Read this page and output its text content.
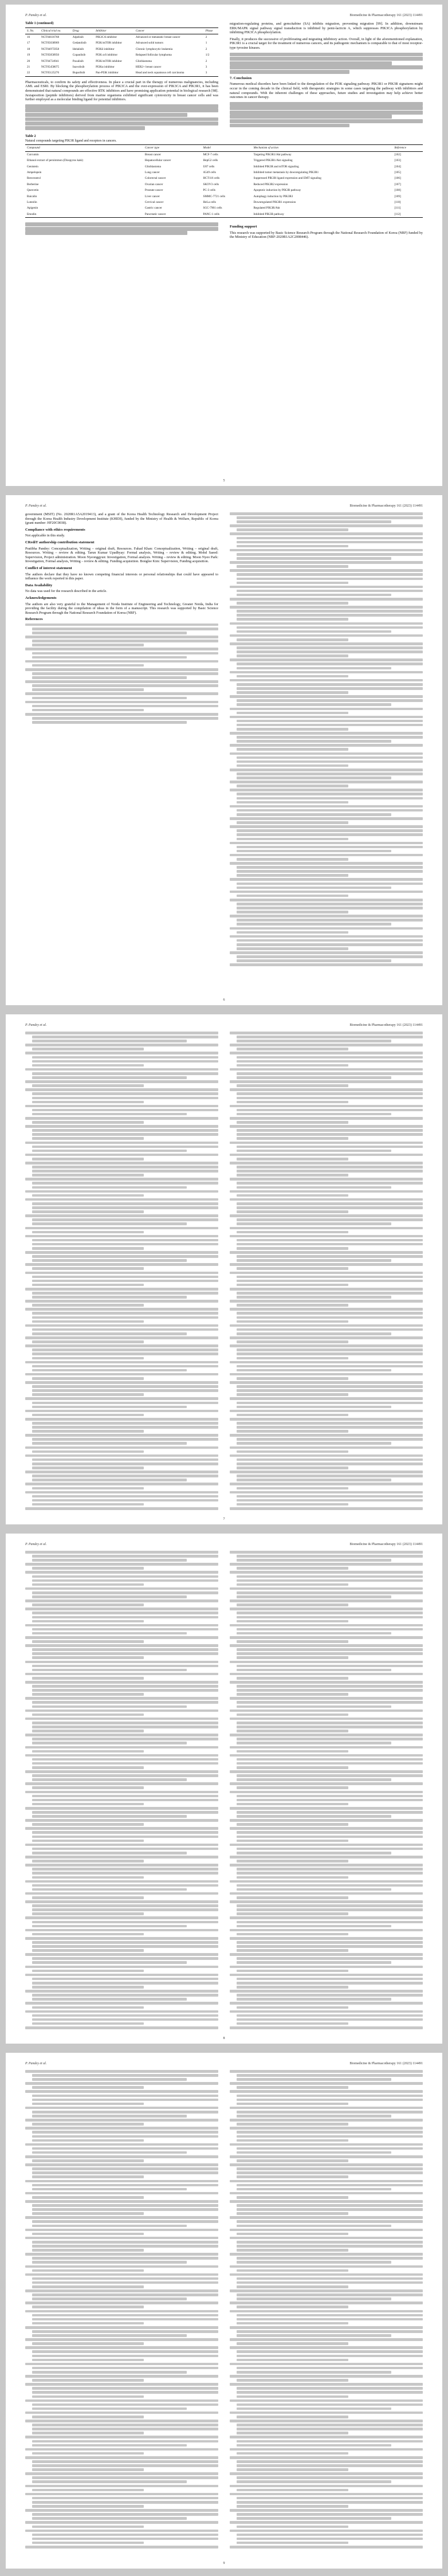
P. Pandey et al.	Biomedicine & Pharmacotherapy 161 (2023) 114491
Table 1 (continued)
S. No.	Clinical trial no.	Drug	Inhibitor	Cancer	Phase
16	NCT04616768	Alpelisib	PIK3CA inhibitor	Advanced or metastatic breast cancer	2
17	NCT05038969	Gedatolisib	PI3K/mTOR inhibitor	Advanced solid tumors	1
18	NCT04975958	Idelalisib	PI3Kδ inhibitor	Chronic lymphocytic leukemia	2
19	NCT05058950	Copanlisib	PI3K α/δ inhibitor	Relapsed follicular lymphoma	1/2
20	NCT04724941	Paxalisib	PI3K/mTOR inhibitor	Glioblastoma	2
21	NCT05458075	Inavolisib	PI3Kα inhibitor	HER2+ breast cancer	3
22	NCT05125276	Buparlisib	Pan-PI3K inhibitor	Head and neck squamous cell carcinoma	3

Pharmaceuticals, to confirm its safety and effectiveness. In place a crucial part in the therapy of numerous malignancies, including AML and ESRI. By blocking the phosphorylation process of PIK3CA and the over-expression of PIK3CA and PIK3R1, it has been demonstrated that natural compounds are effective RTK inhibitors and have promising application potential in biological research [98]. Juxtaposition (peptide inhibitors) derived from marine organisms exhibited significant cytotoxicity in breast cancer cells and was further employed as a molecular binding ligand for potential inhibitors.

migration-regulating proteins, and gemcitabine (SA) inhibits migration, preventing migration [99]. In addition, downstream ERK/MAPK signal pathway signal transduction is inhibited by pemi-lacticin A, which suppresses PIK3CA phosphorylation by inhibiting PIK3CA phosphorylation.

Finally, it produces the successive of proliferating and migrating inhibitory action. Overall, in light of the aforementioned explanation, PIK3R1 is a crucial target for the treatment of numerous cancers, and its pathogenic mechanism is comparable to that of most receptor-type tyrosine kinases.

7. Conclusion

Numerous medical disorders have been linked to the deregulation of the PI3K signaling pathway. PIK3R1 or PIK3R signatures might occur in the coming decade in the clinical field, with therapeutic strategies in some cases targeting the pathway with inhibitors and natural compounds. With the inherent challenges of these approaches, future studies and investigation may help achieve better outcomes in cancer therapy.

Table 2
Natural compounds targeting PIK3R ligand and receptors in cancers.
Compound	Cancer type	Model	Mechanism of action	Reference
Curcumin	Breast cancer	MCF-7 cells	Targeting PIK3R1/Akt pathway	[102]
Ethanol extract of persimmon (Diospyros kaki)	Hepatocellular cancer	HepG2 cells	Triggered PIK3R1/Akt signaling	[103]
Genistein	Glioblastoma	U87 cells	Inhibited PIK3R and mTOR signaling	[104]
Ampelopsin	Lung cancer	A549 cells	Inhibited tumor metastasis by downregulating PIK3R1	[105]
Resveratrol	Colorectal cancer	HCT116 cells	Suppressed PIK3R ligand expression and EMT signaling	[106]
Berberine	Ovarian cancer	SKOV3 cells	Reduced PIK3R2 expression	[107]
Quercetin	Prostate cancer	PC-3 cells	Apoptotic induction by PIK3R pathway	[108]
Baicalin	Liver cancer	SMMC-7721 cells	Autophagy induction by PIK3R3	[109]
Luteolin	Cervical cancer	HeLa cells	Downregulated PIK3R1 expression	[110]
Apigenin	Gastric cancer	SGC-7901 cells	Regulated PIK3R/Akt	[111]
Emodin	Pancreatic cancer	PANC-1 cells	Inhibited PIK3R pathway	[112]
Funding support

This research was supported by Basic Science Research Program through the National Research Foundation of Korea (NRF) funded by the Ministry of Education (NRF-2020R1A2C2008446).

5
P. Pandey et al.	Biomedicine & Pharmacotherapy 161 (2023) 114491

government (MSIT) (No. 2020R1A5A2019413), and a grant of the Korea Health Technology Research and Development Project through the Korea Health Industry Development Institute (KHIDI), funded by the Ministry of Health & Welfare, Republic of Korea (grant number: HF20C0038).

Compliance with ethics requirements

Not applicable in this study.

CRediT authorship contribution statement

Pratibha Pandey: Conceptualization, Writing – original draft, Resources. Fahad Khan: Conceptualization, Writing – original draft, Resources. Writing – review & editing. Tarun Kumar Upadhyay: Formal analysis, Writing – review & editing. Mohd Saeed: Supervision, Project administration. Moon Nyeonggyun: Investigation, Formal analysis. Writing – review & editing. Moon Nyeo Park: Investigation, Formal analysis, Writing – review & editing. Funding acquisition. Bonglee Kim: Supervision, Funding acquisition.

Conflict of interest statement

The authors declare that they have no known competing financial interests or personal relationships that could have appeared to influence the work reported in this paper.

Data Availability

No data was used for the research described in the article.

Acknowledgements

The authors are also very grateful to the Management of Noida Institute of Engineering and Technology, Greater Noida, India for providing the facility during the compilation of ideas in the form of a manuscript. This research was supported by Basic Science Research Program through the National Research Foundation of Korea (NRF).

References
6
P. Pandey et al.	Biomedicine & Pharmacotherapy 161 (2023) 114491
7
P. Pandey et al.	Biomedicine & Pharmacotherapy 161 (2023) 114491
8
P. Pandey et al.	Biomedicine & Pharmacotherapy 161 (2023) 114491
9
